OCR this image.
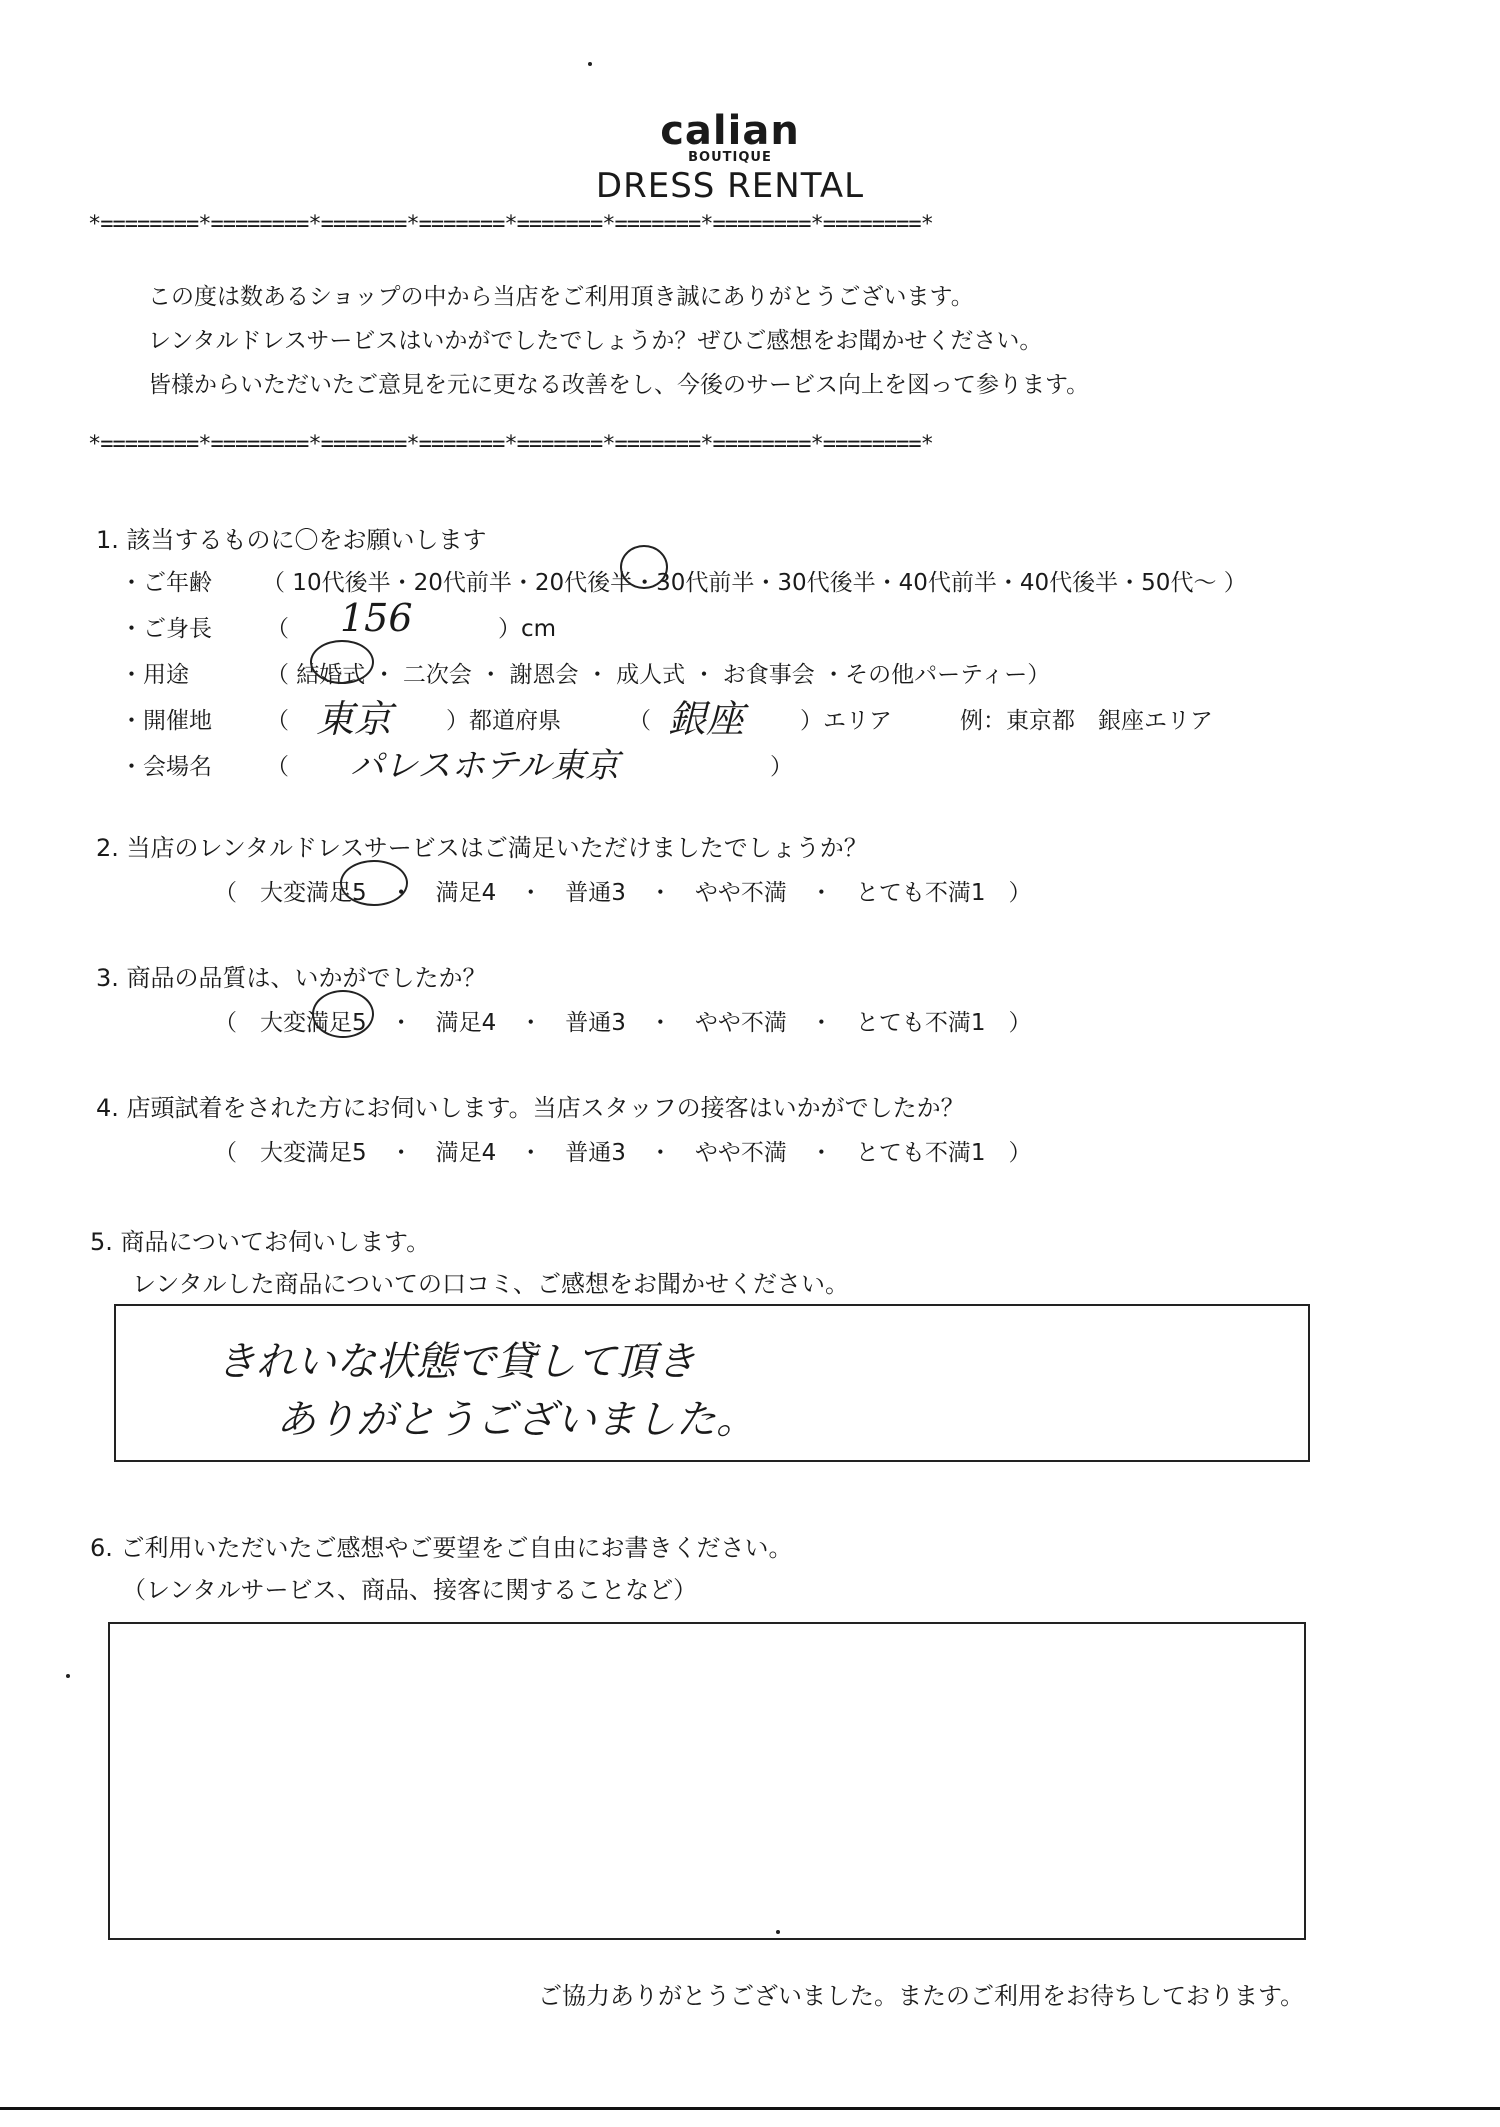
calian
BOUTIQUE
DRESS RENTAL
*========*========*=======*=======*=======*=======*========*========*
この度は数あるショップの中から当店をご利用頂き誠にありがとうございます。
レンタルドレスサービスはいかがでしたでしょうか？ぜひご感想をお聞かせください。
皆様からいただいたご意見を元に更なる改善をし、今後のサービス向上を図って参ります。
*========*========*=======*=======*=======*=======*========*========*
1. 該当するものに〇をお願いします
・ご年齢 （ 10代後半・20代前半・20代後半・30代前半・30代後半・40代前半・40代後半・50代〜 ）
・ご身長 （ 156	）cm
・用途	（ 結婚式 ・ 二次会 ・ 謝恩会 ・ 成人式 ・ お食事会 ・その他パーティー）
・開催地 （ 東京 ）都道府県	（ 銀座 ）エリア	例：東京都　銀座エリア
・会場名 （ パレスホテル東京	）
2. 当店のレンタルドレスサービスはご満足いただけましたでしょうか？
（　大変満足5　・　満足4　・　普通3　・　やや不満　・　とても不満1　）
3. 商品の品質は、いかがでしたか？
（　大変満足5　・　満足4　・　普通3　・　やや不満　・　とても不満1　）
4. 店頭試着をされた方にお伺いします。当店スタッフの接客はいかがでしたか？
（　大変満足5　・　満足4　・　普通3　・　やや不満　・　とても不満1　）
5. 商品についてお伺いします。
レンタルした商品についての口コミ、ご感想をお聞かせください。
きれいな状態で貸して頂き
ありがとうございました。
6. ご利用いただいたご感想やご要望をご自由にお書きください。
（レンタルサービス、商品、接客に関することなど）
ご協力ありがとうございました。またのご利用をお待ちしております。
